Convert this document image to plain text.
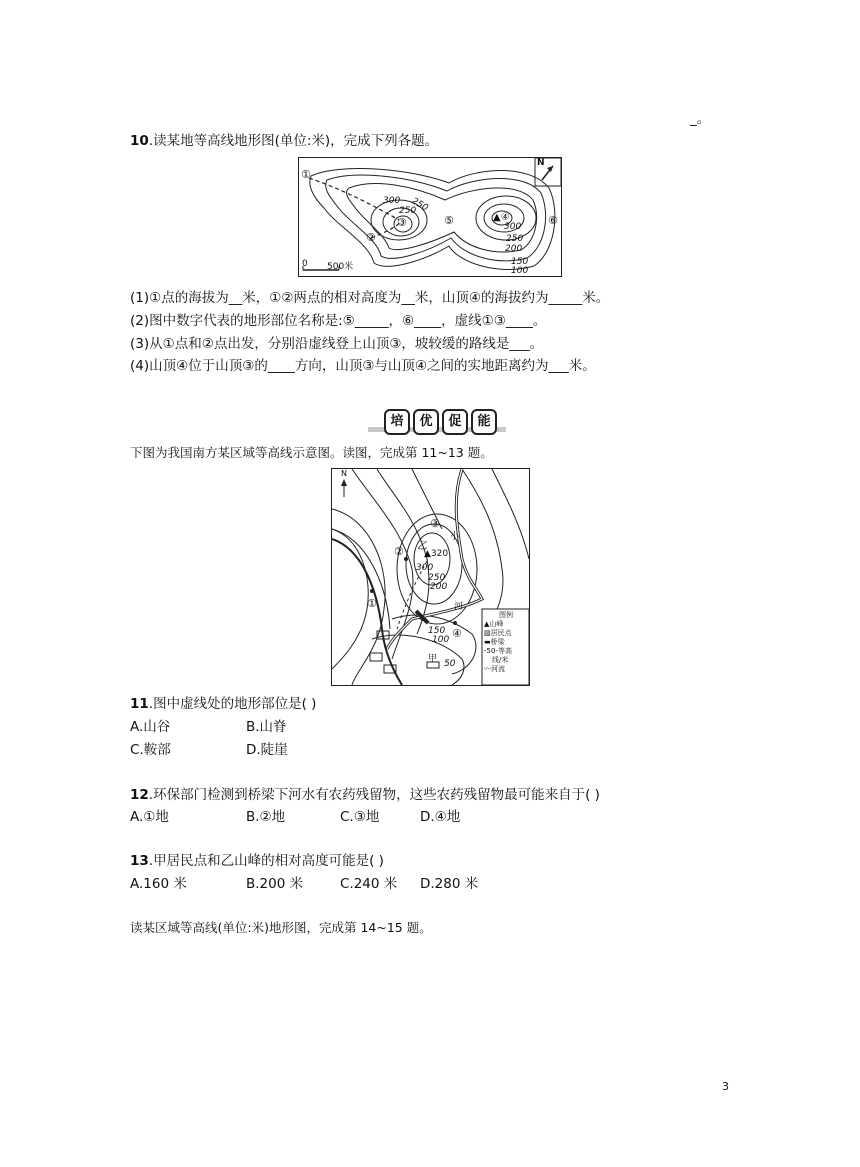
_。
10.读某地等高线地形图(单位:米)，完成下列各题。
N
①
②
③	▲④
⑤	⑥
300
250
250
300
250
200
150
100
0 500米
(1)①点的海拔为__米，①②两点的相对高度为__米，山顶④的海拔约为_____米。
(2)图中数字代表的地形部位名称是:⑤_____，⑥____，虚线①③____。
(3)从①点和②点出发，分别沿虚线登上山顶③，坡较缓的路线是___。
(4)山顶④位于山顶③的____方向，山顶③与山顶④之间的实地距离约为___米。
培	优	促	能
下图为我国南方某区域等高线示意图。读图，完成第 11~13 题。
N
①
②
③
④
乙
▲320
300
250
200
150
100
50
小
河
甲
图例
▲山峰
▨居民点
▬桥梁
-50-等高
线/米
〰河流
11.图中虚线处的地形部位是( )
A.山谷	B.山脊
C.鞍部	D.陡崖
12.环保部门检测到桥梁下河水有农药残留物，这些农药残留物最可能来自于( )
A.①地	B.②地	C.③地	D.④地
13.甲居民点和乙山峰的相对高度可能是( )
A.160 米	B.200 米	C.240 米 D.280 米
读某区域等高线(单位:米)地形图，完成第 14~15 题。
3
